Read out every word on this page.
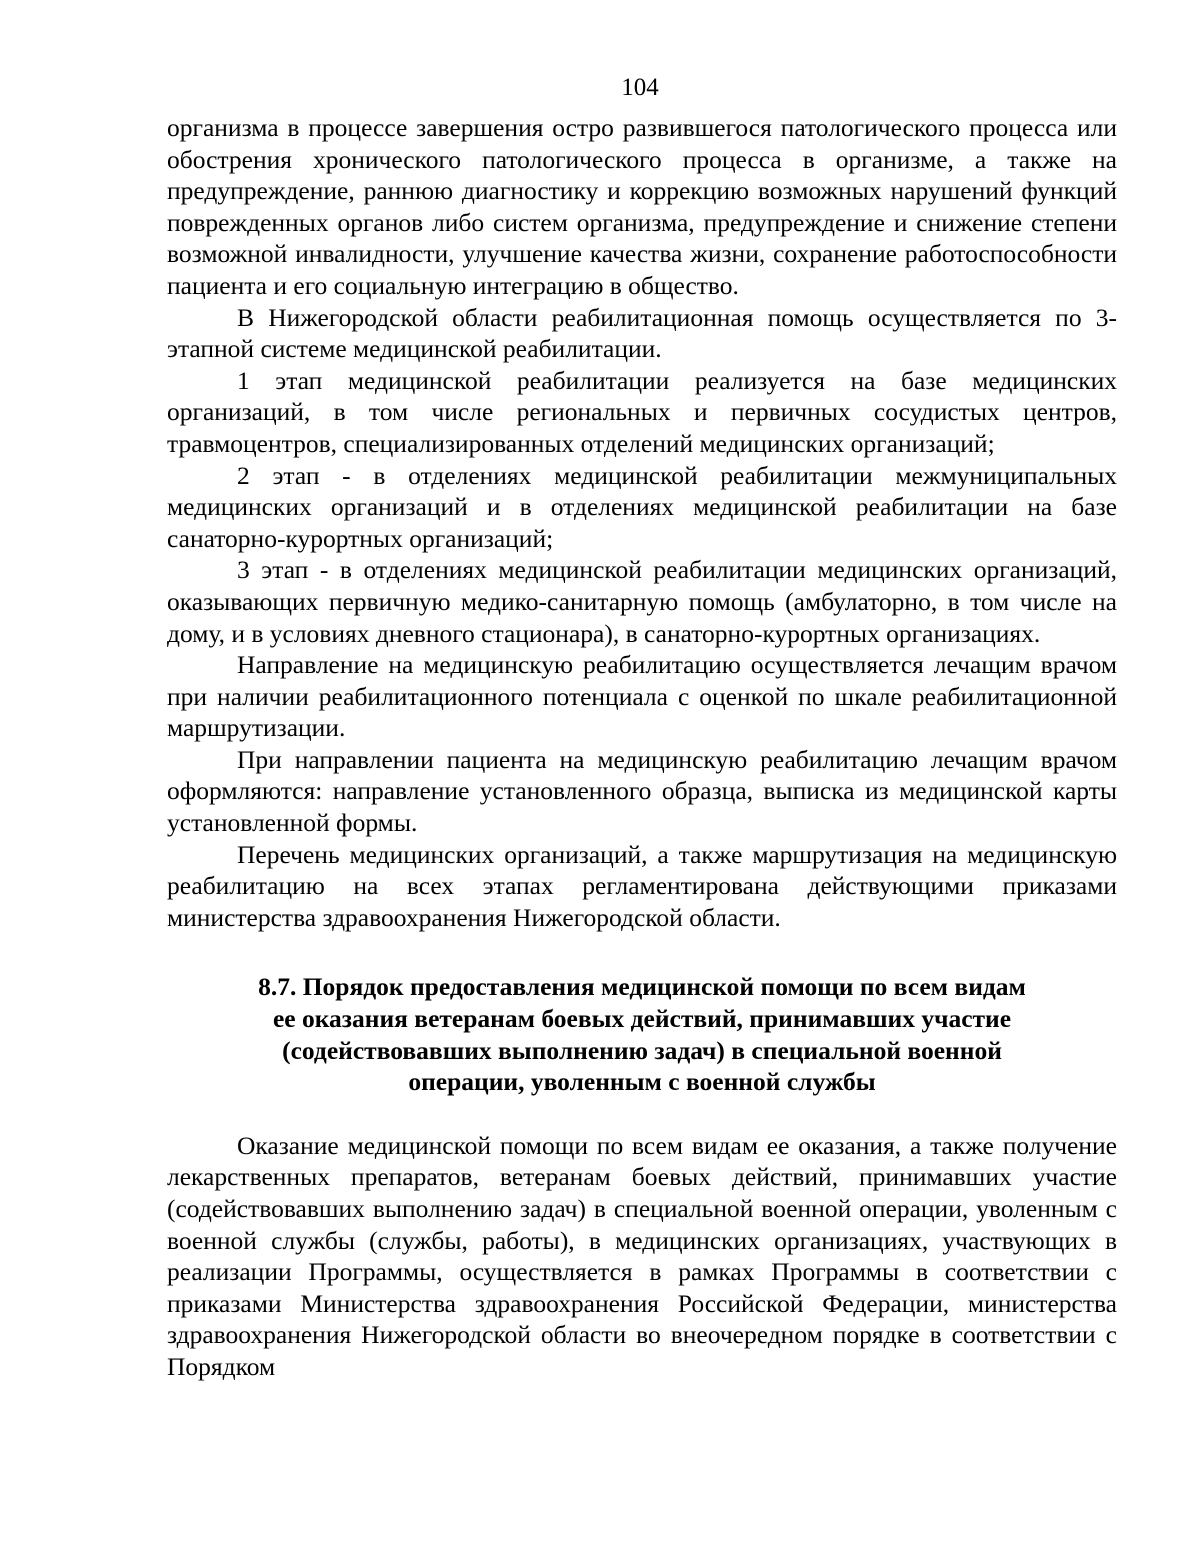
104

организма в процессе завершения остро развившегося патологического процесса или обострения хронического патологического процесса в организме, а также на предупреждение, раннюю диагностику и коррекцию возможных нарушений функций поврежденных органов либо систем организма, предупреждение и снижение степени возможной инвалидности, улучшение качества жизни, сохранение работоспособности пациента и его социальную интеграцию в общество.

В Нижегородской области реабилитационная помощь осуществляется по 3-этапной системе медицинской реабилитации.

1 этап медицинской реабилитации реализуется на базе медицинских организаций, в том числе региональных и первичных сосудистых центров, травмоцентров, специализированных отделений медицинских организаций;

2 этап - в отделениях медицинской реабилитации межмуниципальных медицинских организаций и в отделениях медицинской реабилитации на базе санаторно-курортных организаций;

3 этап - в отделениях медицинской реабилитации медицинских организаций, оказывающих первичную медико-санитарную помощь (амбулаторно, в том числе на дому, и в условиях дневного стационара), в санаторно-курортных организациях.

Направление на медицинскую реабилитацию осуществляется лечащим врачом при наличии реабилитационного потенциала с оценкой по шкале реабилитационной маршрутизации.

При направлении пациента на медицинскую реабилитацию лечащим врачом оформляются: направление установленного образца, выписка из медицинской карты установленной формы.

Перечень медицинских организаций, а также маршрутизация на медицинскую реабилитацию на всех этапах регламентирована действующими приказами министерства здравоохранения Нижегородской области.

8.7. Порядок предоставления медицинской помощи по всем видам
ее оказания ветеранам боевых действий, принимавших участие
(содействовавших выполнению задач) в специальной военной
операции, уволенным с военной службы

Оказание медицинской помощи по всем видам ее оказания, а также получение лекарственных препаратов, ветеранам боевых действий, принимавших участие (содействовавших выполнению задач) в специальной военной операции, уволенным с военной службы (службы, работы), в медицинских организациях, участвующих в реализации Программы, осуществляется в рамках Программы в соответствии с приказами Министерства здравоохранения Российской Федерации, министерства здравоохранения Нижегородской области во внеочередном порядке в соответствии с Порядком
